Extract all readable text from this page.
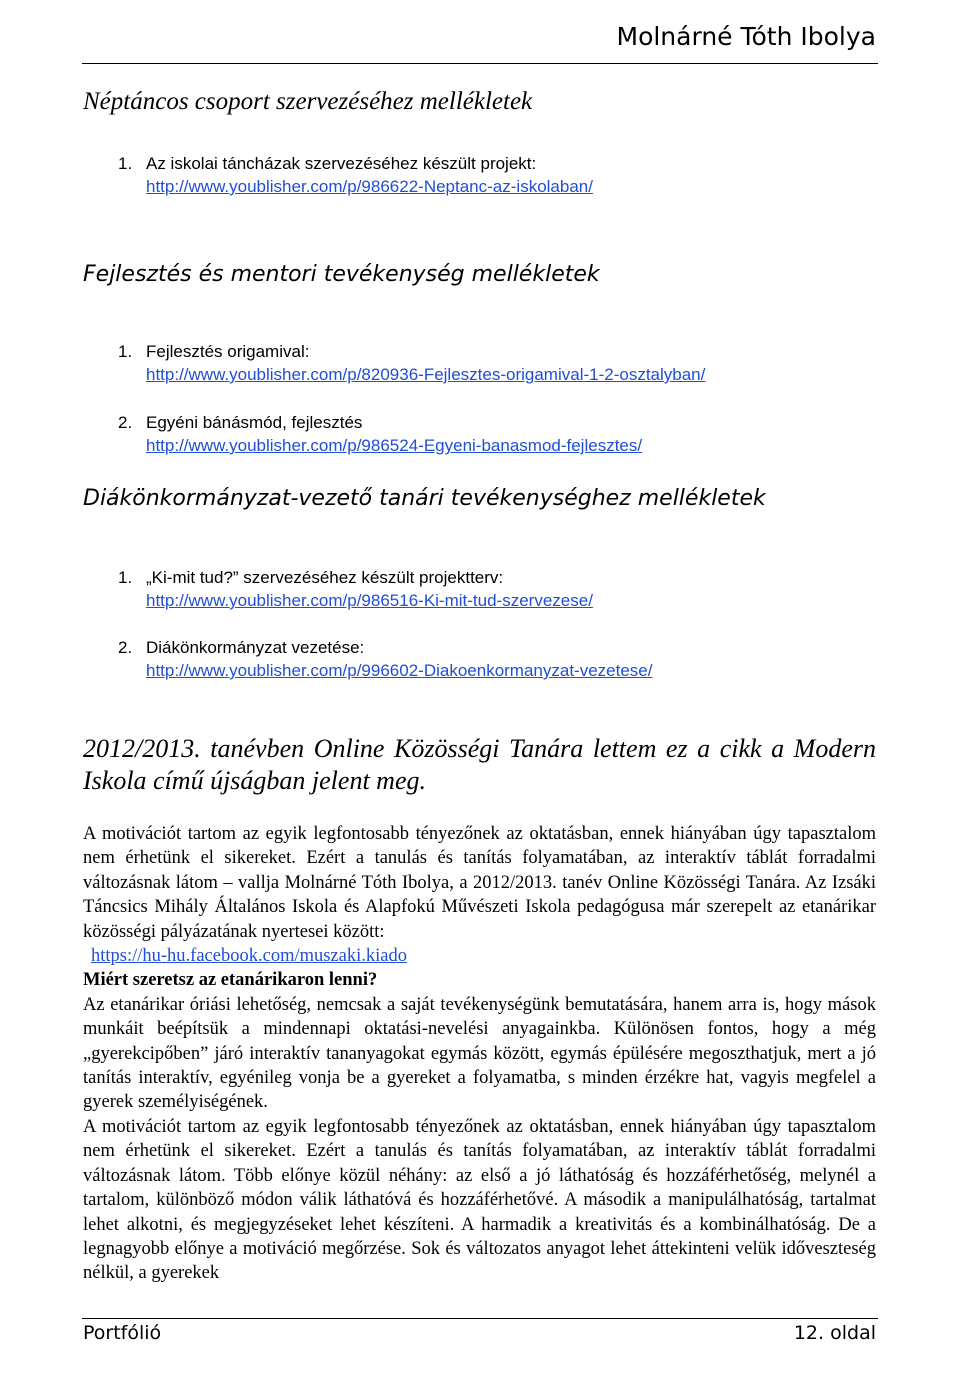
Molnárné Tóth Ibolya
Néptáncos csoport szervezéséhez mellékletek
1. Az iskolai táncházak szervezéséhez készült projekt:
http://www.youblisher.com/p/986622-Neptanc-az-iskolaban/
Fejlesztés és mentori tevékenység mellékletek
1. Fejlesztés origamival:
http://www.youblisher.com/p/820936-Fejlesztes-origamival-1-2-osztalyban/
2. Egyéni bánásmód, fejlesztés
http://www.youblisher.com/p/986524-Egyeni-banasmod-fejlesztes/
Diákönkormányzat-vezető tanári tevékenységhez mellékletek
1. „Ki-mit tud?” szervezéséhez készült projektterv:
http://www.youblisher.com/p/986516-Ki-mit-tud-szervezese/
2. Diákönkormányzat vezetése:
http://www.youblisher.com/p/996602-Diakoenkormanyzat-vezetese/
2012/2013. tanévben Online Közösségi Tanára lettem ez a cikk a Modern Iskola című újságban jelent meg.

A motivációt tartom az egyik legfontosabb tényezőnek az oktatásban, ennek hiányában úgy tapasztalom nem érhetünk el sikereket. Ezért a tanulás és tanítás folyamatában, az interaktív táblát forradalmi változásnak látom – vallja Molnárné Tóth Ibolya, a 2012/2013. tanév Online Közösségi Tanára. Az Izsáki Táncsics Mihály Általános Iskola és Alapfokú Művészeti Iskola pedagógusa már szerepelt az etanárikar közösségi pályázatának nyertesei között:

https://hu-hu.facebook.com/muszaki.kiado

Miért szeretsz az etanárikaron lenni?

Az etanárikar óriási lehetőség, nemcsak a saját tevékenységünk bemutatására, hanem arra is, hogy mások munkáit beépítsük a mindennapi oktatási-nevelési anyagainkba. Különösen fontos, hogy a még „gyerekcipőben” járó interaktív tananyagokat egymás között, egymás épülésére megoszthatjuk, mert a jó tanítás interaktív, egyénileg vonja be a gyereket a folyamatba, s minden érzékre hat, vagyis megfelel a gyerek személyiségének.

A motivációt tartom az egyik legfontosabb tényezőnek az oktatásban, ennek hiányában úgy tapasztalom nem érhetünk el sikereket. Ezért a tanulás és tanítás folyamatában, az interaktív táblát forradalmi változásnak látom. Több előnye közül néhány: az első a jó láthatóság és hozzáférhetőség, melynél a tartalom, különböző módon válik láthatóvá és hozzáférhetővé. A második a manipulálhatóság, tartalmat lehet alkotni, és megjegyzéseket lehet készíteni. A harmadik a kreativitás és a kombinálhatóság. De a legnagyobb előnye a motiváció megőrzése. Sok és változatos anyagot lehet áttekinteni velük időveszteség nélkül, a gyerekek

Portfólió	12. oldal
